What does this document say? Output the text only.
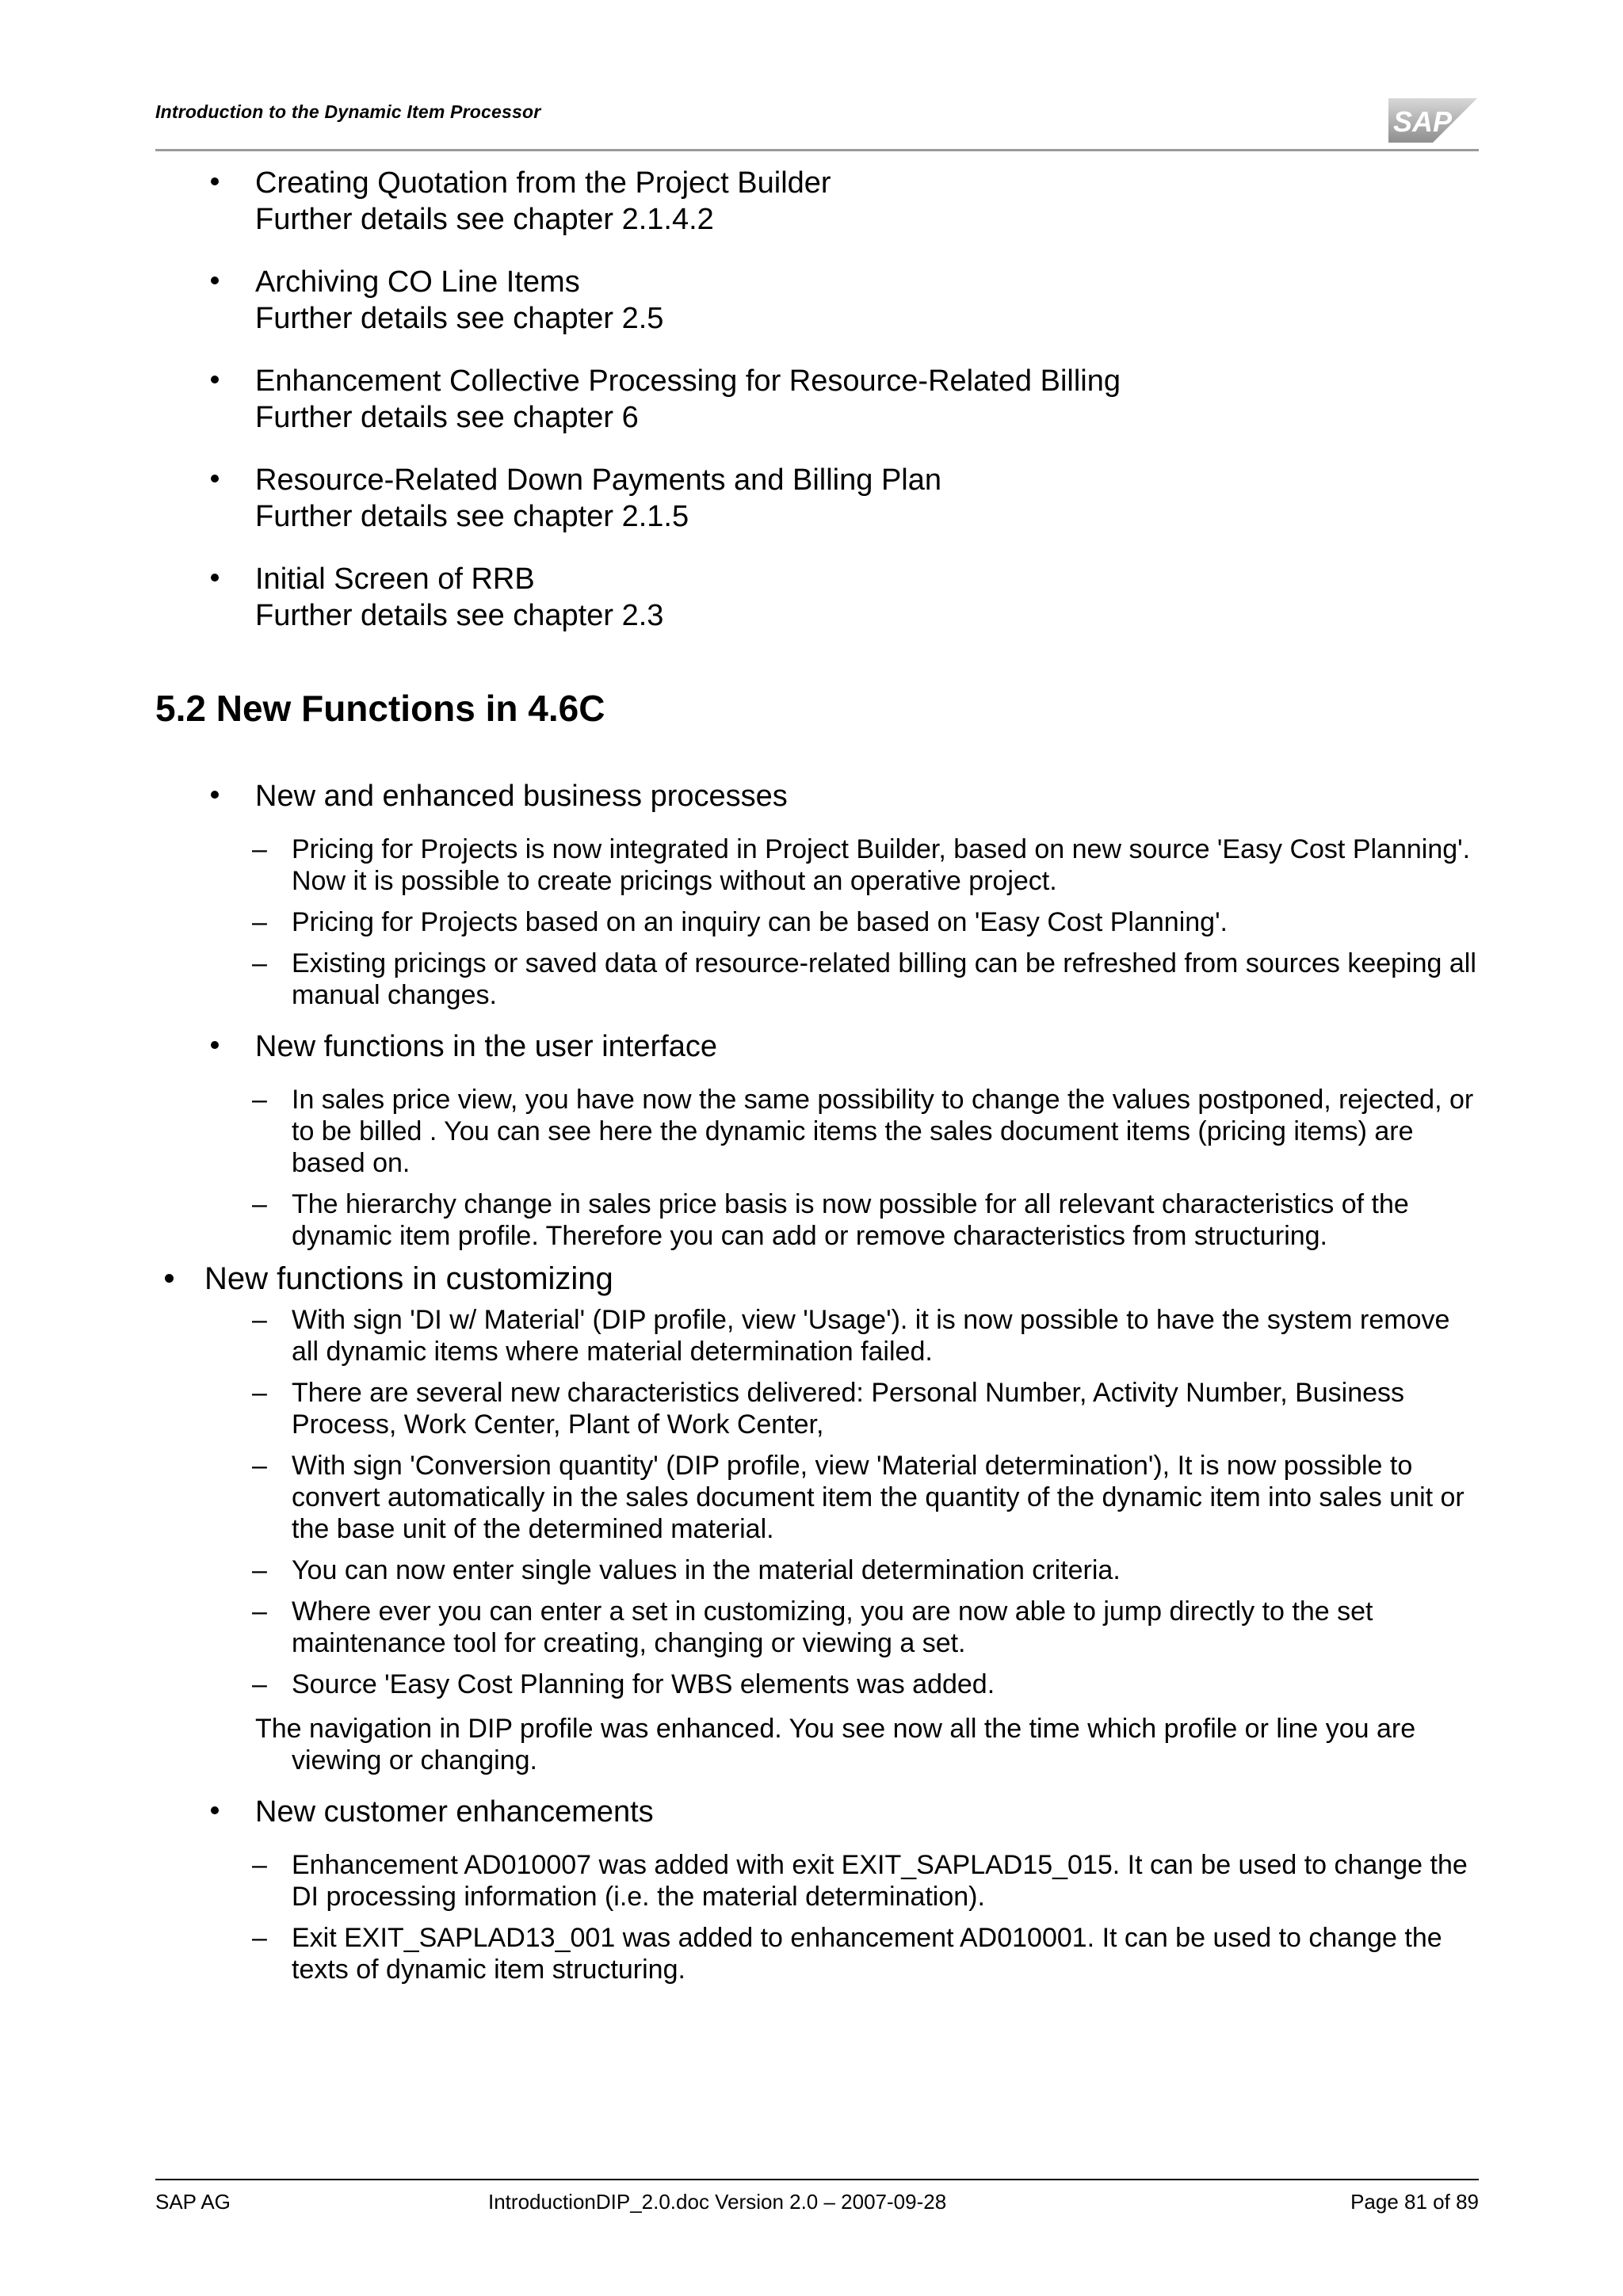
Introduction to the Dynamic Item Processor	SAP
Creating Quotation from the Project Builder
Further details see chapter 2.1.4.2
Archiving CO Line Items
Further details see chapter 2.5
Enhancement Collective Processing for Resource-Related Billing
Further details see chapter 6
Resource-Related Down Payments and Billing Plan
Further details see chapter 2.1.5
Initial Screen of RRB
Further details see chapter 2.3
5.2 New Functions in 4.6C
New and enhanced business processes
– Pricing for Projects is now integrated in Project Builder, based on new source 'Easy Cost Planning'. Now it is possible to create pricings without an operative project.
– Pricing for Projects based on an inquiry can be based on 'Easy Cost Planning'.
– Existing pricings or saved data of resource-related billing can be refreshed from sources keeping all manual changes.
New functions in the user interface
– In sales price view, you have now the same possibility to change the values postponed, rejected, or to be billed . You can see here the dynamic items the sales document items (pricing items) are based on.
– The hierarchy change in sales price basis is now possible for all relevant characteristics of the dynamic item profile. Therefore you can add or remove characteristics from structuring.
New functions in customizing
– With sign 'DI w/ Material' (DIP profile, view 'Usage'). it is now possible to have the system remove all dynamic items where material determination failed.
– There are several new characteristics delivered: Personal Number, Activity Number, Business Process, Work Center, Plant of Work Center,
– With sign 'Conversion quantity' (DIP profile, view 'Material determination'), It is now possible to convert automatically in the sales document item the quantity of the dynamic item into sales unit or the base unit of the determined material.
– You can now enter single values in the material determination criteria.
– Where ever you can enter a set in customizing, you are now able to jump directly to the set maintenance tool for creating, changing or viewing a set.
– Source 'Easy Cost Planning for WBS elements was added.
The navigation in DIP profile was enhanced. You see now all the time which profile or line you are
viewing or changing.
New customer enhancements
– Enhancement AD010007 was added with exit EXIT_SAPLAD15_015. It can be used to change the DI processing information (i.e. the material determination).
– Exit EXIT_SAPLAD13_001 was added to enhancement AD010001. It can be used to change the texts of dynamic item structuring.
SAP AG	IntroductionDIP_2.0.doc Version 2.0 – 2007-09-28	Page 81 of 89
